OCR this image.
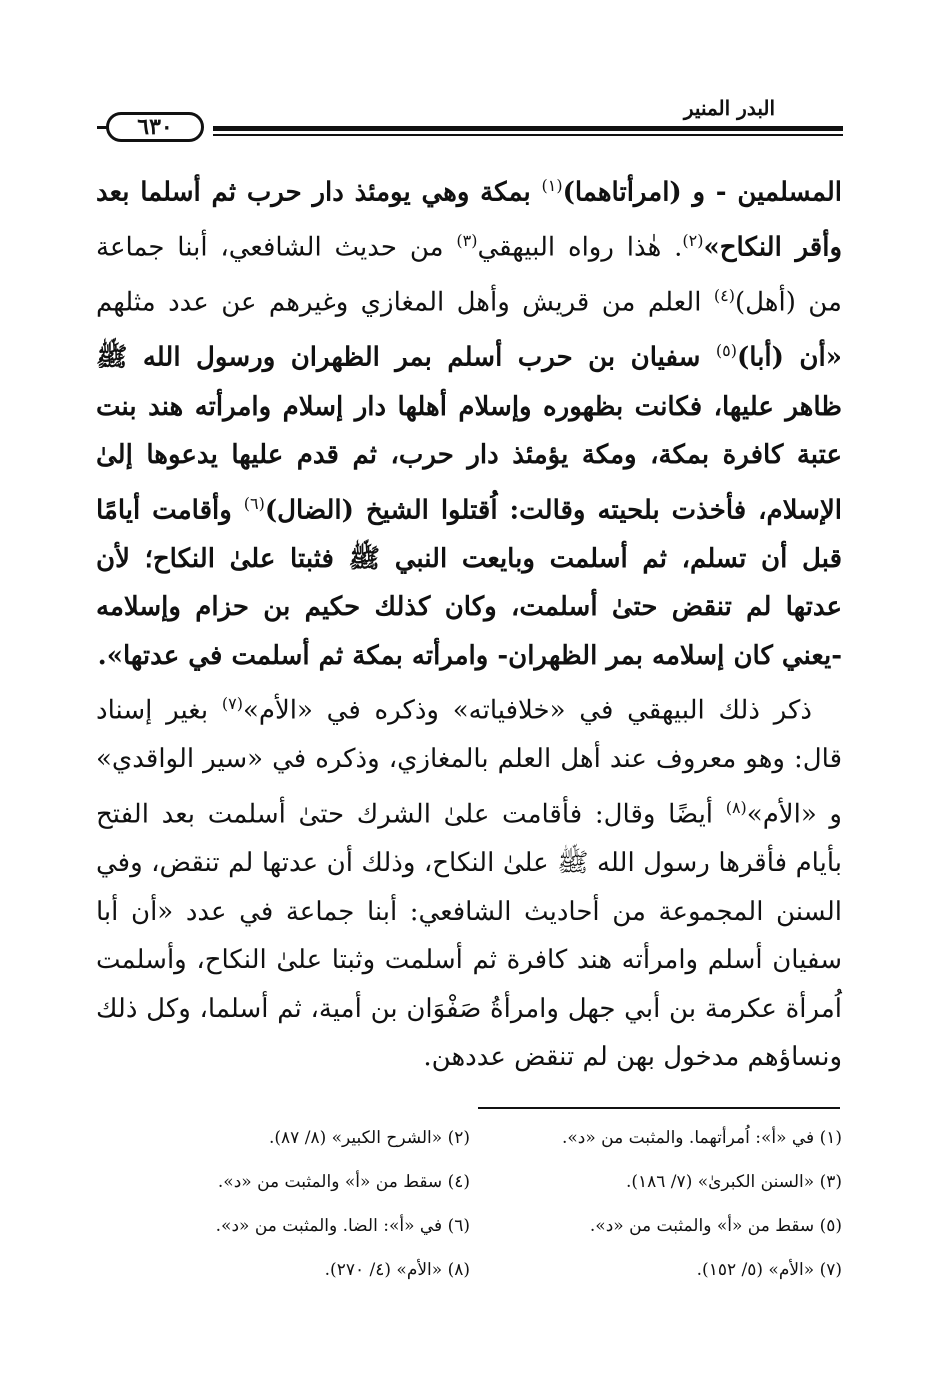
البدر المنير
٦٣٠

المسلمين - و (امرأتاهما)$^{(١)}$ بمكة وهي يومئذ دار حرب ثم أسلما بعد وأقر النكاح»$^{(٢)}$. هٰذا رواه البيهقي$^{(٣)}$ من حديث الشافعي، أبنا جماعة من (أهل)$^{(٤)}$ العلم من قريش وأهل المغازي وغيرهم عن عدد مثلهم «أن (أبا)$^{(٥)}$ سفيان بن حرب أسلم بمر الظهران ورسول الله ﷺ ظاهر عليها، فكانت بظهوره وإسلام أهلها دار إسلام وامرأته هند بنت عتبة كافرة بمكة، ومكة يؤمئذ دار حرب، ثم قدم عليها يدعوها إلىٰ الإسلام، فأخذت بلحيته وقالت: اُقتلوا الشيخ (الضال)$^{(٦)}$ وأقامت أيامًا قبل أن تسلم، ثم أسلمت وبايعت النبي ﷺ فثبتا علىٰ النكاح؛ لأن عدتها لم تنقض حتىٰ أسلمت، وكان كذلك حكيم بن حزام وإسلامه -يعني كان إسلامه بمر الظهران- وامرأته بمكة ثم أسلمت في عدتها».

ذكر ذلك البيهقي في «خلافياته» وذكره في «الأم»$^{(٧)}$ بغير إسناد قال: وهو معروف عند أهل العلم بالمغازي، وذكره في «سير الواقدي» و «الأم»$^{(٨)}$ أيضًا وقال: فأقامت علىٰ الشرك حتىٰ أسلمت بعد الفتح بأيام فأقرها رسول الله ﷺ علىٰ النكاح، وذلك أن عدتها لم تنقض، وفي السنن المجموعة من أحاديث الشافعي: أبنا جماعة في عدد «أن أبا سفيان أسلم وامرأته هند كافرة ثم أسلمت وثبتا علىٰ النكاح، وأسلمت اُمرأة عكرمة بن أبي جهل وامرأةُ صَفْوَان بن أمية، ثم أسلما، وكل ذلك ونساؤهم مدخول بهن لم تنقض عددهن.

(١) في «أ»: اُمرأتهما. والمثبت من «د».
(٢) «الشرح الكبير» (٨/ ٨٧).
(٣) «السنن الكبرىٰ» (٧/ ١٨٦).
(٤) سقط من «أ» والمثبت من «د».
(٥) سقط من «أ» والمثبت من «د».
(٦) في «أ»: الضا. والمثبت من «د».
(٧) «الأم» (٥/ ١٥٢).
(٨) «الأم» (٤/ ٢٧٠).
